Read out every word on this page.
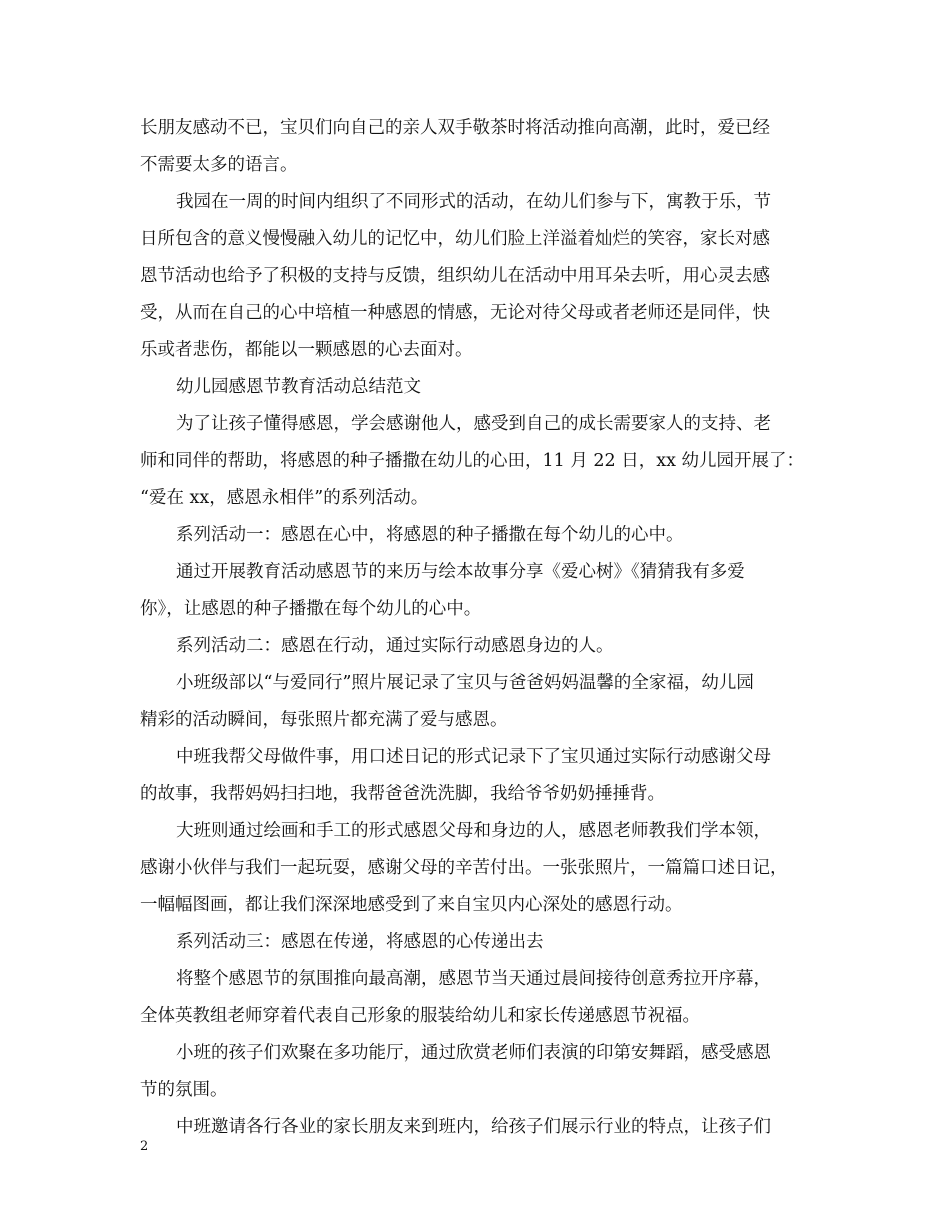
长朋友感动不已，宝贝们向自己的亲人双手敬茶时将活动推向高潮，此时，爱已经
不需要太多的语言。
我园在一周的时间内组织了不同形式的活动，在幼儿们参与下，寓教于乐，节
日所包含的意义慢慢融入幼儿的记忆中，幼儿们脸上洋溢着灿烂的笑容，家长对感
恩节活动也给予了积极的支持与反馈，组织幼儿在活动中用耳朵去听，用心灵去感
受，从而在自己的心中培植一种感恩的情感，无论对待父母或者老师还是同伴，快
乐或者悲伤，都能以一颗感恩的心去面对。
幼儿园感恩节教育活动总结范文
为了让孩子懂得感恩，学会感谢他人，感受到自己的成长需要家人的支持、老
师和同伴的帮助，将感恩的种子播撒在幼儿的心田，11 月 22 日，xx 幼儿园开展了：
“爱在 xx，感恩永相伴”的系列活动。
系列活动一：感恩在心中，将感恩的种子播撒在每个幼儿的心中。
通过开展教育活动感恩节的来历与绘本故事分享《爱心树》《猜猜我有多爱
你》，让感恩的种子播撒在每个幼儿的心中。
系列活动二：感恩在行动，通过实际行动感恩身边的人。
小班级部以“与爱同行”照片展记录了宝贝与爸爸妈妈温馨的全家福，幼儿园
精彩的活动瞬间，每张照片都充满了爱与感恩。
中班我帮父母做件事，用口述日记的形式记录下了宝贝通过实际行动感谢父母
的故事，我帮妈妈扫扫地，我帮爸爸洗洗脚，我给爷爷奶奶捶捶背。
大班则通过绘画和手工的形式感恩父母和身边的人，感恩老师教我们学本领，
感谢小伙伴与我们一起玩耍，感谢父母的辛苦付出。一张张照片，一篇篇口述日记，
一幅幅图画，都让我们深深地感受到了来自宝贝内心深处的感恩行动。
系列活动三：感恩在传递，将感恩的心传递出去
将整个感恩节的氛围推向最高潮，感恩节当天通过晨间接待创意秀拉开序幕，
全体英教组老师穿着代表自己形象的服装给幼儿和家长传递感恩节祝福。
小班的孩子们欢聚在多功能厅，通过欣赏老师们表演的印第安舞蹈，感受感恩
节的氛围。
中班邀请各行各业的家长朋友来到班内，给孩子们展示行业的特点，让孩子们
2
